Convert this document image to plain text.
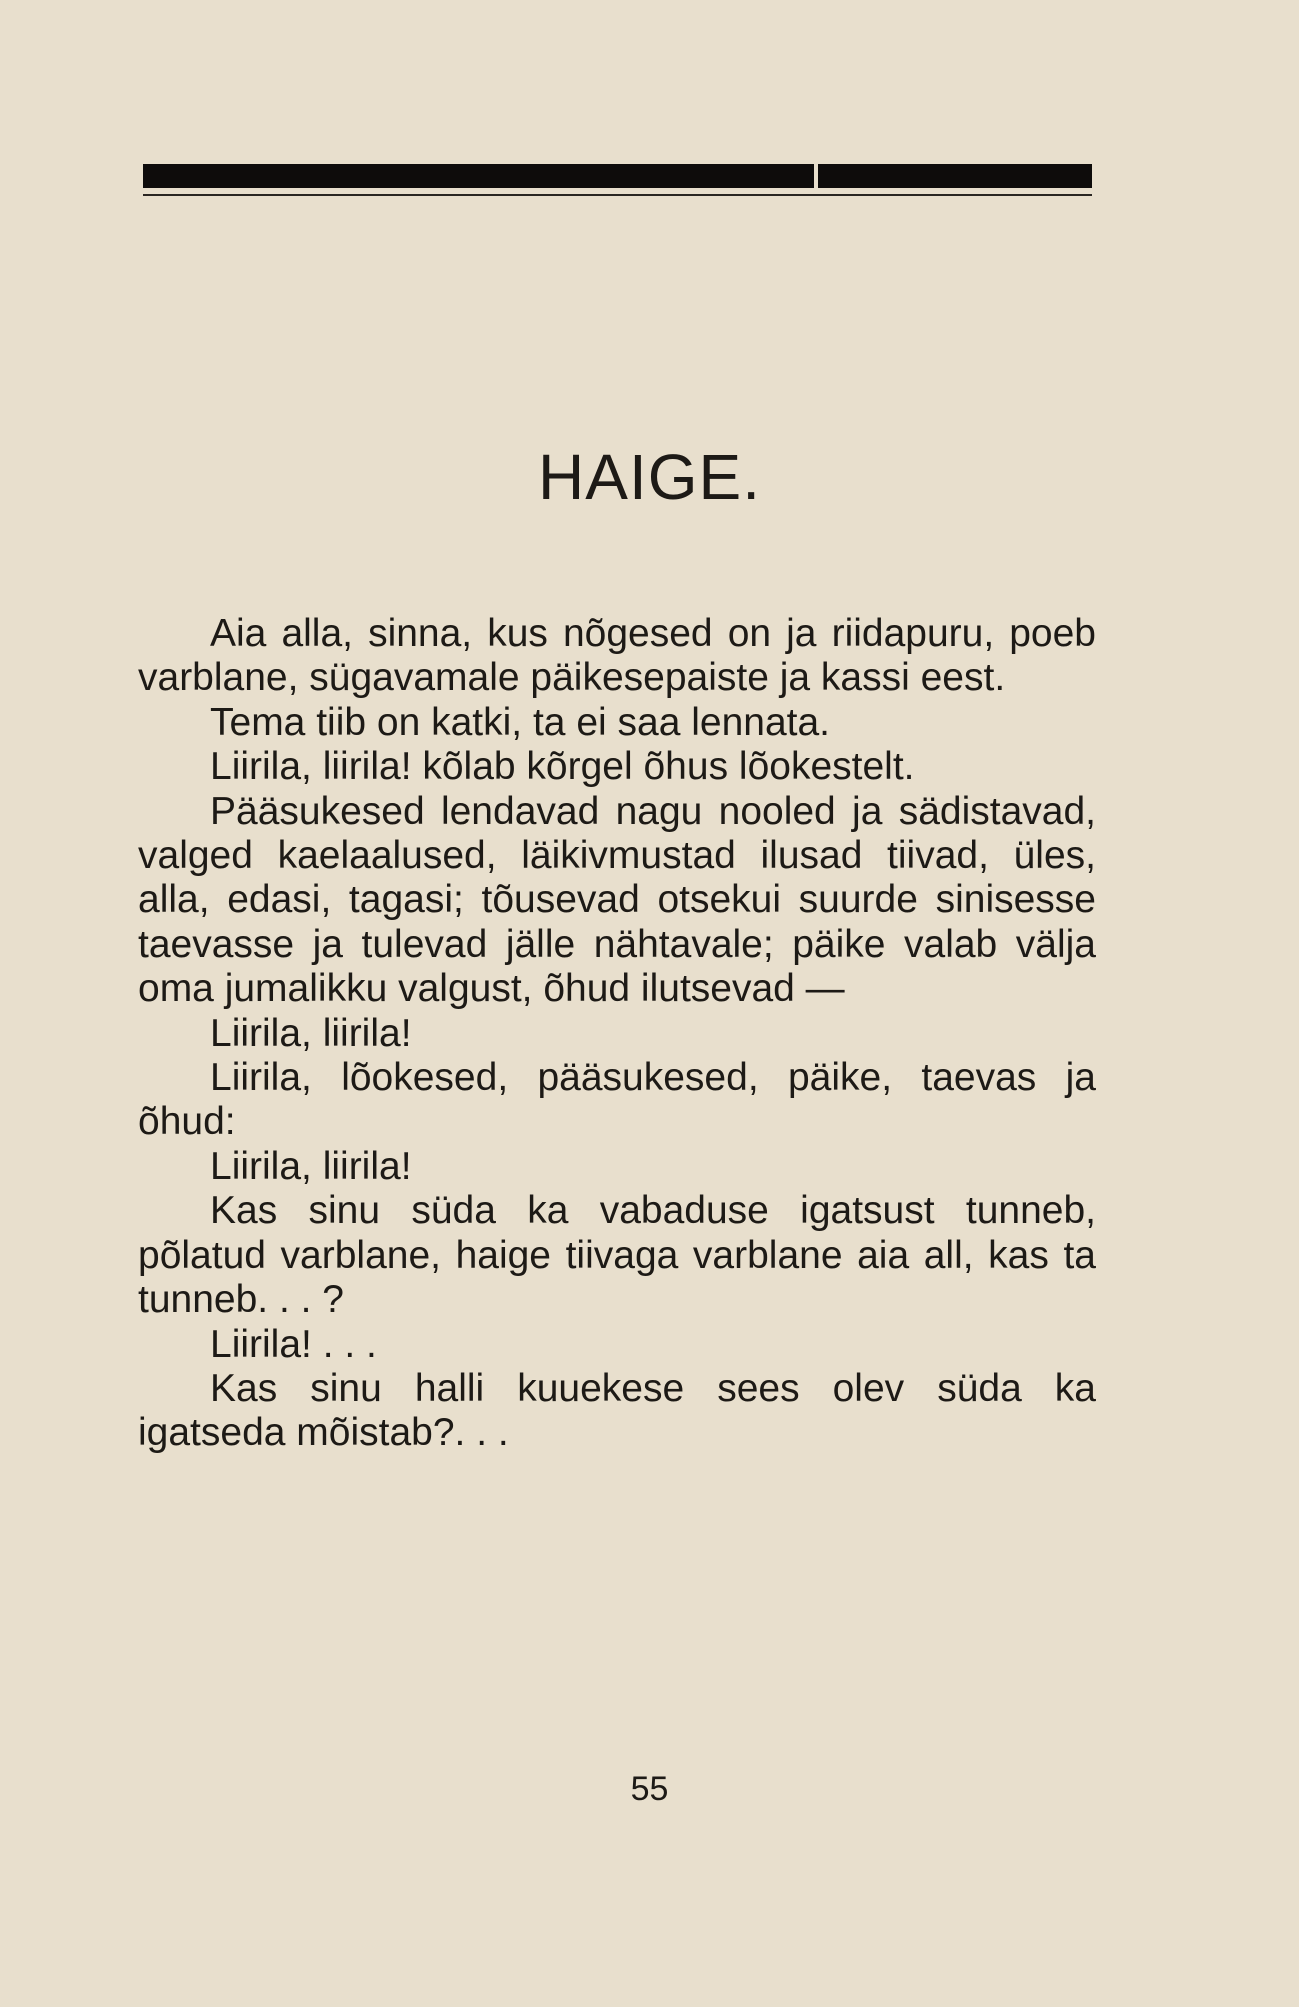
HAIGE.

Aia alla, sinna, kus nõgesed on ja riidapuru, poeb varblane, sügavamale päikesepaiste ja kassi eest.

Tema tiib on katki, ta ei saa lennata.

Liirila, liirila! kõlab kõrgel õhus lõokestelt.

Pääsukesed lendavad nagu nooled ja sädistavad, valged kaelaalused, läikivmustad ilusad tiivad, üles, alla, edasi, tagasi; tõusevad otsekui suurde sinisesse taevasse ja tulevad jälle nähtavale; päike valab välja oma jumalikku valgust, õhud ilutsevad —

Liirila, liirila!

Liirila, lõokesed, pääsukesed, päike, taevas ja õhud:

Liirila, liirila!

Kas sinu süda ka vabaduse igatsust tunneb, põlatud varblane, haige tiivaga varblane aia all, kas ta tunneb. . . ?

Liirila! . . .

Kas sinu halli kuuekese sees olev süda ka igatseda mõistab?. . .

55
